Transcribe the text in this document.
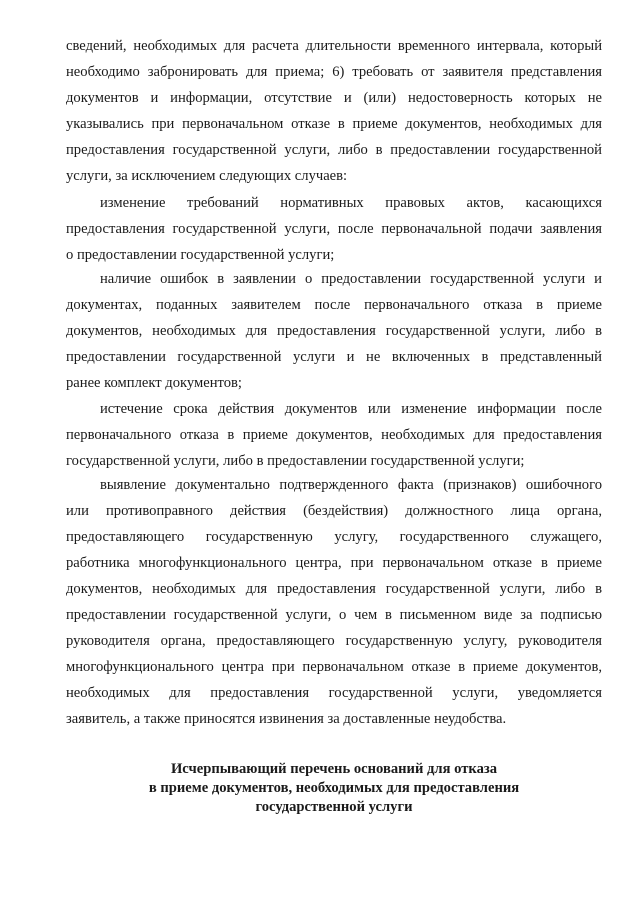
сведений, необходимых для расчета длительности временного интервала, который
необходимо забронировать для приема; 6) требовать от заявителя представления
документов и информации, отсутствие и (или) недостоверность которых не
указывались при первоначальном отказе в приеме документов, необходимых для
предоставления государственной услуги, либо в предоставлении государственной
услуги, за исключением следующих случаев:
изменение требований нормативных правовых актов, касающихся
предоставления государственной услуги, после первоначальной подачи заявления
о предоставлении государственной услуги;
наличие ошибок в заявлении о предоставлении государственной услуги и
документах, поданных заявителем после первоначального отказа в приеме
документов, необходимых для предоставления государственной услуги, либо в
предоставлении государственной услуги и не включенных в представленный
ранее комплект документов;
истечение срока действия документов или изменение информации после
первоначального отказа в приеме документов, необходимых для предоставления
государственной услуги, либо в предоставлении государственной услуги;
выявление документально подтвержденного факта (признаков) ошибочного
или противоправного действия (бездействия) должностного лица органа,
предоставляющего государственную услугу, государственного служащего,
работника многофункционального центра, при первоначальном отказе в приеме
документов, необходимых для предоставления государственной услуги, либо в
предоставлении государственной услуги, о чем в письменном виде за подписью
руководителя органа, предоставляющего государственную услугу, руководителя
многофункционального центра при первоначальном отказе в приеме документов,
необходимых для предоставления государственной услуги, уведомляется
заявитель, а также приносятся извинения за доставленные неудобства.
Исчерпывающий перечень оснований для отказа
в приеме документов, необходимых для предоставления
государственной услуги
